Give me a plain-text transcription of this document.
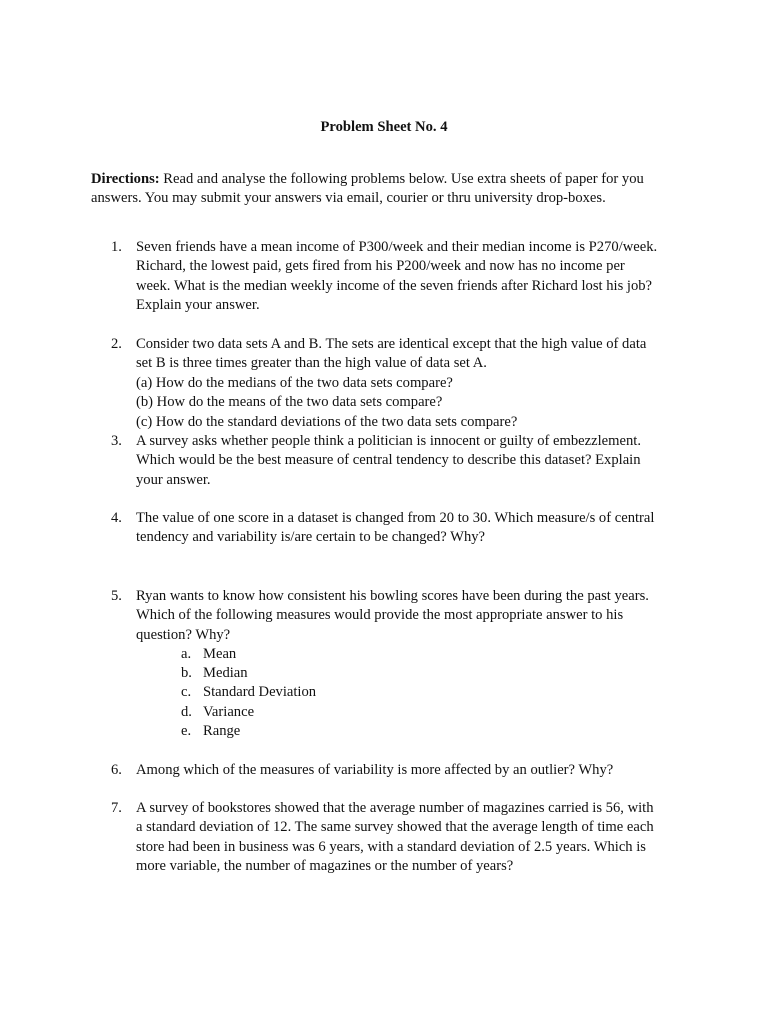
Problem Sheet No. 4
Directions: Read and analyse the following problems below. Use extra sheets of paper for you
answers. You may submit your answers via email, courier or thru university drop-boxes.
1. Seven friends have a mean income of P300/week and their median income is P270/week.
Richard, the lowest paid, gets fired from his P200/week and now has no income per
week. What is the median weekly income of the seven friends after Richard lost his job?
Explain your answer.
2. Consider two data sets A and B. The sets are identical except that the high value of data
set B is three times greater than the high value of data set A.
(a) How do the medians of the two data sets compare?
(b) How do the means of the two data sets compare?
(c) How do the standard deviations of the two data sets compare?
3. A survey asks whether people think a politician is innocent or guilty of embezzlement.
Which would be the best measure of central tendency to describe this dataset? Explain
your answer.
4. The value of one score in a dataset is changed from 20 to 30. Which measure/s of central
tendency and variability is/are certain to be changed? Why?
5. Ryan wants to know how consistent his bowling scores have been during the past years.
Which of the following measures would provide the most appropriate answer to his
question? Why?
a. Mean
b. Median
c. Standard Deviation
d. Variance
e. Range
6. Among which of the measures of variability is more affected by an outlier? Why?
7. A survey of bookstores showed that the average number of magazines carried is 56, with
a standard deviation of 12. The same survey showed that the average length of time each
store had been in business was 6 years, with a standard deviation of 2.5 years. Which is
more variable, the number of magazines or the number of years?
